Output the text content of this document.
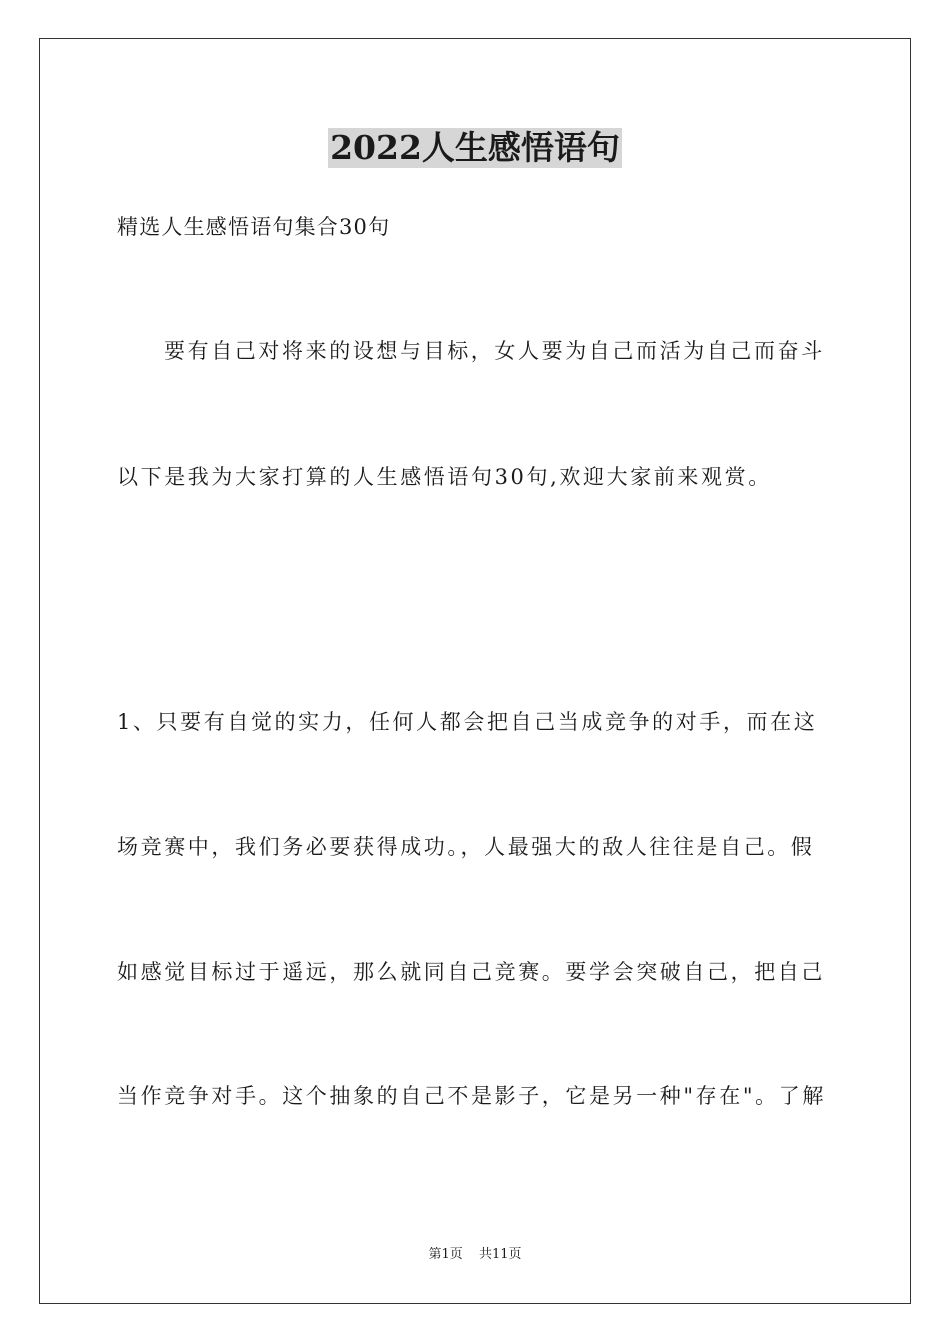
2022人生感悟语句
精选人生感悟语句集合30句
要有自己对将来的设想与目标，女人要为自己而活为自己而奋斗
以下是我为大家打算的人生感悟语句30句,欢迎大家前来观赏。
1、只要有自觉的实力，任何人都会把自己当成竞争的对手，而在这
场竞赛中，我们务必要获得成功。，人最强大的敌人往往是自己。假
如感觉目标过于遥远，那么就同自己竞赛。要学会突破自己，把自己
当作竞争对手。这个抽象的自己不是影子，它是另一种"存在"。了解
第1页 共11页
